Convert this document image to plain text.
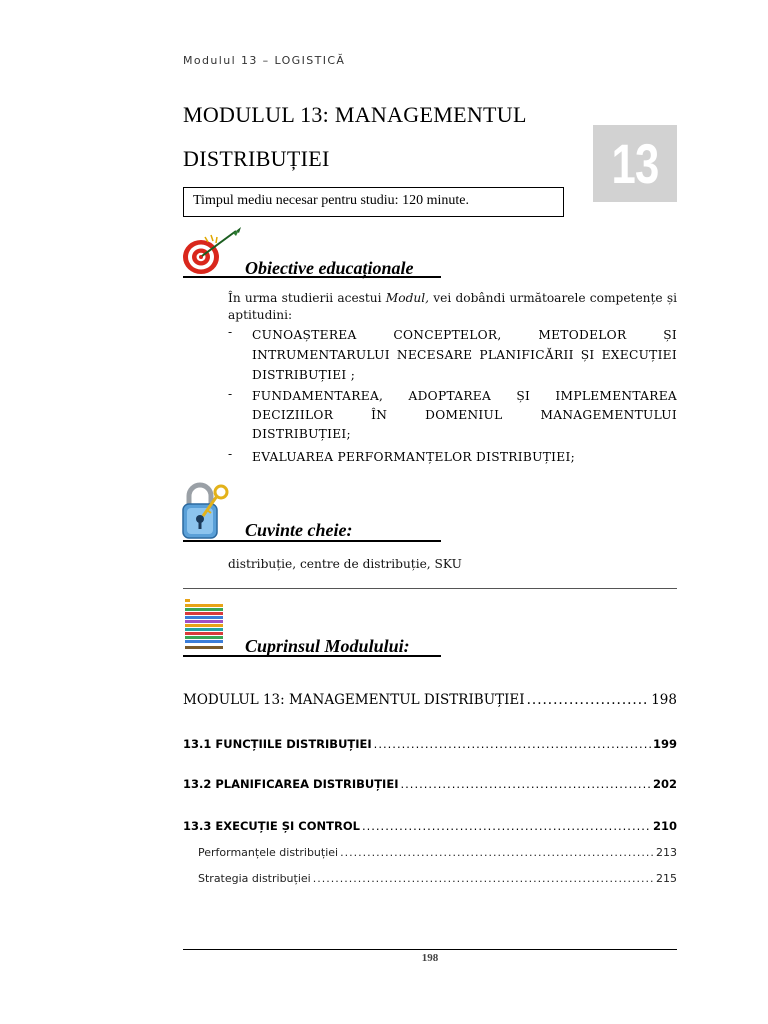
Modulul 13 – LOGISTICĂ
MODULUL 13: MANAGEMENTUL
DISTRIBUȚIEI	13
Timpul mediu necesar pentru studiu: 120 minute.
Obiective educaționale
În urma studierii acestui Modul, vei dobândi următoarele competențe și aptitudini:
- CUNOAȘTEREA CONCEPTELOR, METODELOR ȘI INTRUMENTARULUI NECESARE PLANIFICĂRII ȘI EXECUȚIEI DISTRIBUȚIEI ;
- FUNDAMENTAREA, ADOPTAREA ȘI IMPLEMENTAREA DECIZIILOR ÎN DOMENIUL MANAGEMENTULUI DISTRIBUȚIEI;
- EVALUAREA PERFORMANȚELOR DISTRIBUȚIEI;
Cuvinte cheie:
distribuție, centre de distribuție, SKU
Cuprinsul Modulului:
MODULUL 13: MANAGEMENTUL DISTRIBUȚIEI .....	198
13.1 FUNCȚIILE DISTRIBUȚIEI .....	199
13.2 PLANIFICAREA DISTRIBUȚIEI .....	202
13.3 EXECUȚIE ȘI CONTROL .....	210
Performanțele distribuției .....	213
Strategia distribuției .....	215
198
